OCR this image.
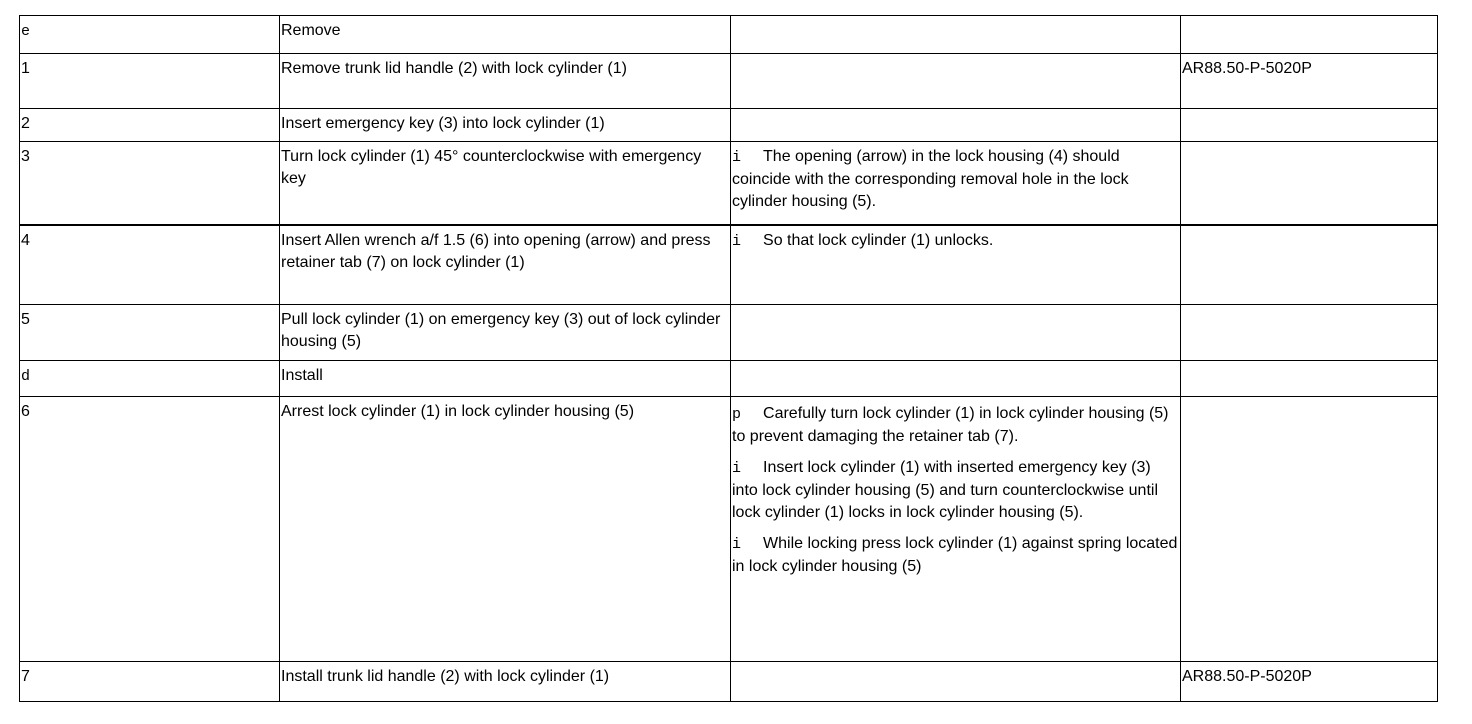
e	Remove		
1	Remove trunk lid handle (2) with lock cylinder (1)		AR88.50-P-5020P
2	Insert emergency key (3) into lock cylinder (1)		
3	Turn lock cylinder (1) 45° counterclockwise with emergency key	i The opening (arrow) in the lock housing (4) should coincide with the corresponding removal hole in the lock cylinder housing (5).	

4	Insert Allen wrench a/f 1.5 (6) into opening (arrow) and press retainer tab (7) on lock cylinder (1)	i So that lock cylinder (1) unlocks.	

5	Pull lock cylinder (1) on emergency key (3) out of lock cylinder housing (5)		
d	Install		
6	Arrest lock cylinder (1) in lock cylinder housing (5)	p Carefully turn lock cylinder (1) in lock cylinder housing (5) to prevent damaging the retainer tab (7).
i Insert lock cylinder (1) with inserted emergency key (3) into lock cylinder housing (5) and turn counterclockwise until lock cylinder (1) locks in lock cylinder housing (5).
i While locking press lock cylinder (1) against spring located in lock cylinder housing (5)	

7	Install trunk lid handle (2) with lock cylinder (1)		AR88.50-P-5020P
